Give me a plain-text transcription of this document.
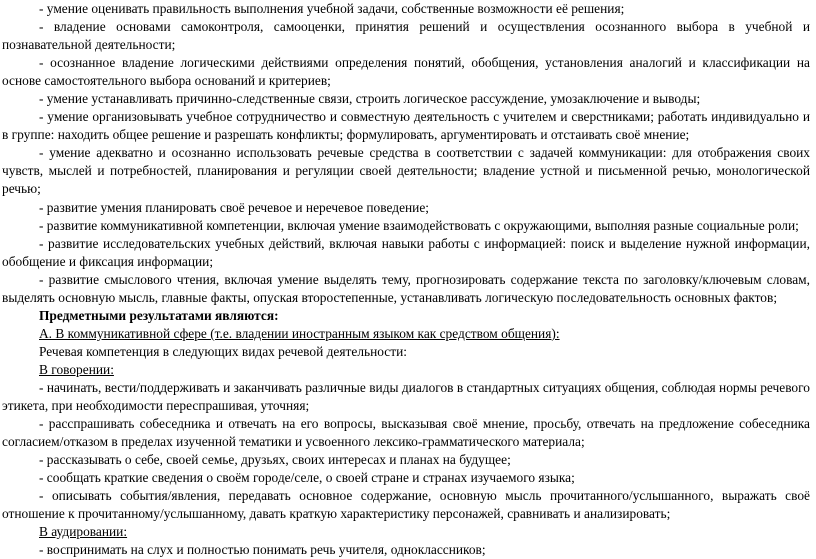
- умение оценивать правильность выполнения учебной задачи, собственные возможности её решения;

- владение основами самоконтроля, самооценки, принятия решений и осуществления осознанного выбора в учебной и познавательной деятельности;

- осознанное владение логическими действиями определения понятий, обобщения, установления аналогий и классификации на основе самостоятельного выбора оснований и критериев;

- умение устанавливать причинно-следственные связи, строить логическое рассуждение, умозаключение и выводы;

- умение организовывать учебное сотрудничество и совместную деятельность с учителем и сверстниками; работать индивидуально и в группе: находить общее решение и разрешать конфликты; формулировать, аргументировать и отстаивать своё мнение;

- умение адекватно и осознанно использовать речевые средства в соответствии с задачей коммуникации: для отображения своих чувств, мыслей и потребностей, планирования и регуляции своей деятельности; владение устной и письменной речью, монологической речью;

- развитие умения планировать своё речевое и неречевое поведение;

- развитие коммуникативной компетенции, включая умение взаимодействовать с окружающими, выполняя разные социальные роли;

- развитие исследовательских учебных действий, включая навыки работы с информацией: поиск и выделение нужной информации, обобщение и фиксация информации;

- развитие смыслового чтения, включая умение выделять тему, прогнозировать содержание текста по заголовку/ключевым словам, выделять основную мысль, главные факты, опуская второстепенные, устанавливать логическую последовательность основных фактов;

Предметными результатами являются:

А. В коммуникативной сфере (т.е. владении иностранным языком как средством общения):

Речевая компетенция в следующих видах речевой деятельности:

В говорении:

- начинать, вести/поддерживать и заканчивать различные виды диалогов в стандартных ситуациях общения, соблюдая нормы речевого этикета, при необходимости переспрашивая, уточняя;

- расспрашивать собеседника и отвечать на его вопросы, высказывая своё мнение, просьбу, отвечать на предложение собеседника согласием/отказом в пределах изученной тематики и усвоенного лексико-грамматического материала;

- рассказывать о себе, своей семье, друзьях, своих интересах и планах на будущее;

- сообщать краткие сведения о своём городе/селе, о своей стране и странах изучаемого языка;

- описывать события/явления, передавать основное содержание, основную мысль прочитанного/услышанного, выражать своё отношение к прочитанному/услышанному, давать краткую характеристику персонажей, сравнивать и анализировать;

В аудировании:

- воспринимать на слух и полностью понимать речь учителя, одноклассников;
